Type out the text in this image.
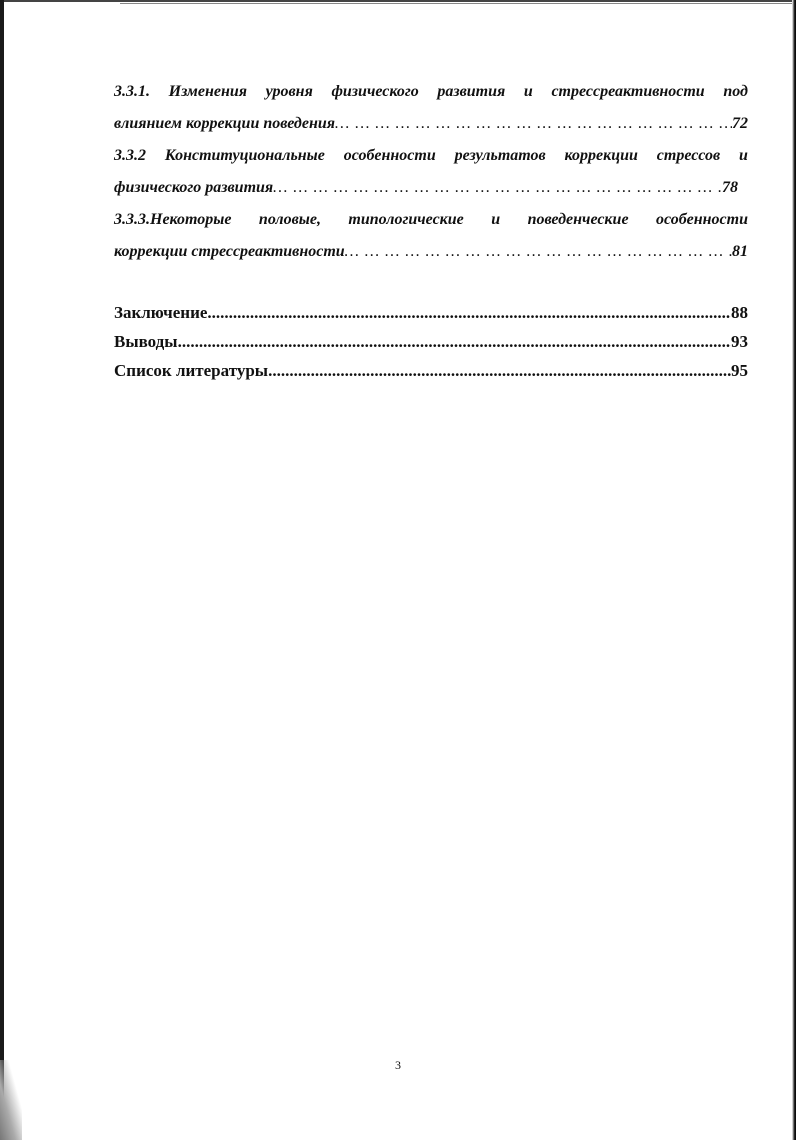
3.3.1. Изменения уровня физического развития и стрессреактивности под
влиянием коррекции поведения … … … … … … … … … … … … … … … … … … … … … … … … … … … … … … … … … … … … … … … … … … … … … …	72
3.3.2 Конституциональные особенности результатов коррекции стрессов и
физического развития … … … … … … … … … … … … … … … … … … … … … … … … … … … … … … … … … … … … … … … … … … … … … …	78
3.3.3.Некоторые половые, типологические и поведенческие особенности
коррекции стрессреактивности … … … … … … … … … … … … … … … … … … … … … … … … … … … … … … … … … … … … … … … … … … … … … …	81
Заключение .....	88
Выводы .....	93
Список литературы .....	95
3
